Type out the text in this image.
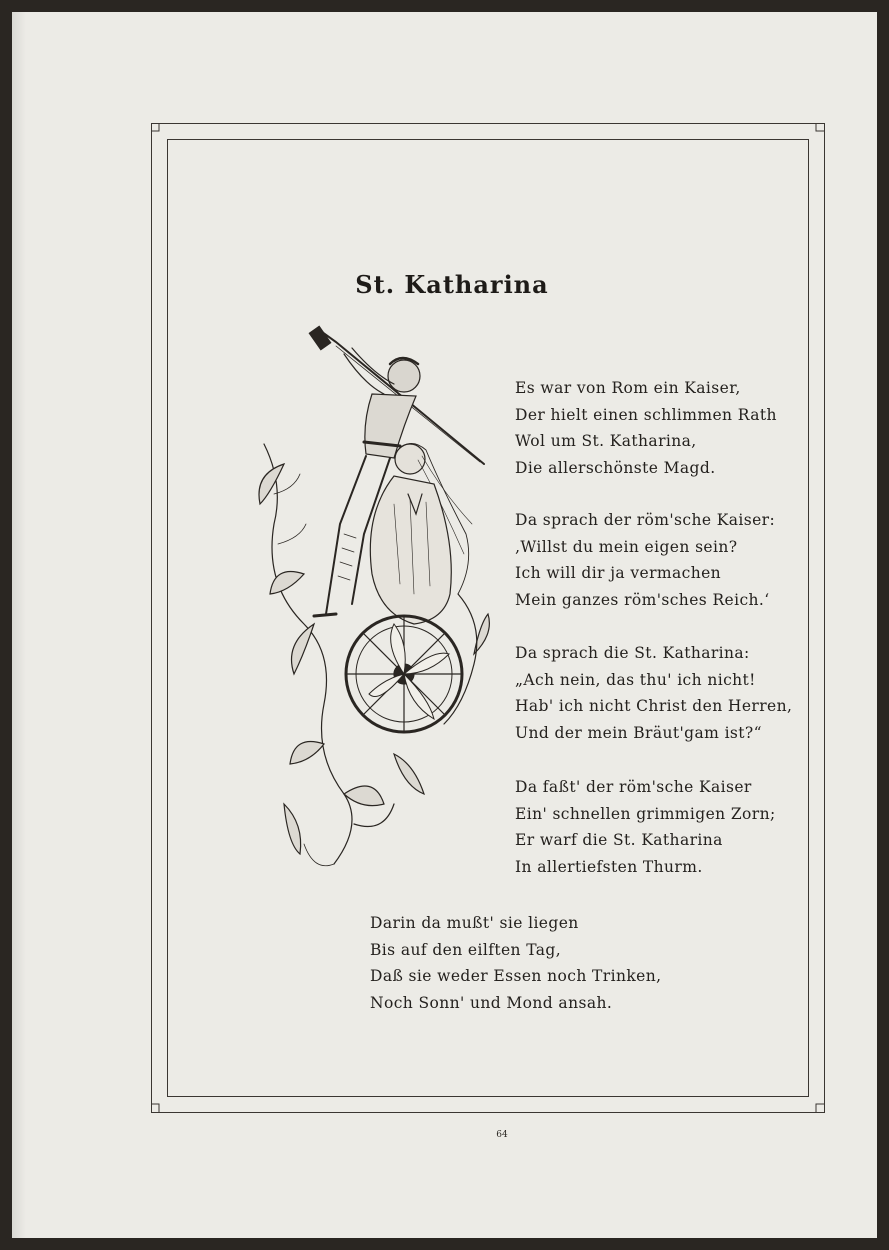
St. Katharina
Es war von Rom ein Kaiser,
Der hielt einen schlimmen Rath
Wol um St. Katharina,
Die allerschönste Magd.
Da sprach der röm'sche Kaiser:
‚Willst du mein eigen sein?
Ich will dir ja vermachen
Mein ganzes röm'sches Reich.‘
Da sprach die St. Katharina:
„Ach nein, das thu' ich nicht!
Hab' ich nicht Christ den Herren,
Und der mein Bräut'gam ist?“
Da faßt' der röm'sche Kaiser
Ein' schnellen grimmigen Zorn;
Er warf die St. Katharina
In allertiefsten Thurm.
Darin da mußt' sie liegen
Bis auf den eilften Tag,
Daß sie weder Essen noch Trinken,
Noch Sonn' und Mond ansah.
64
